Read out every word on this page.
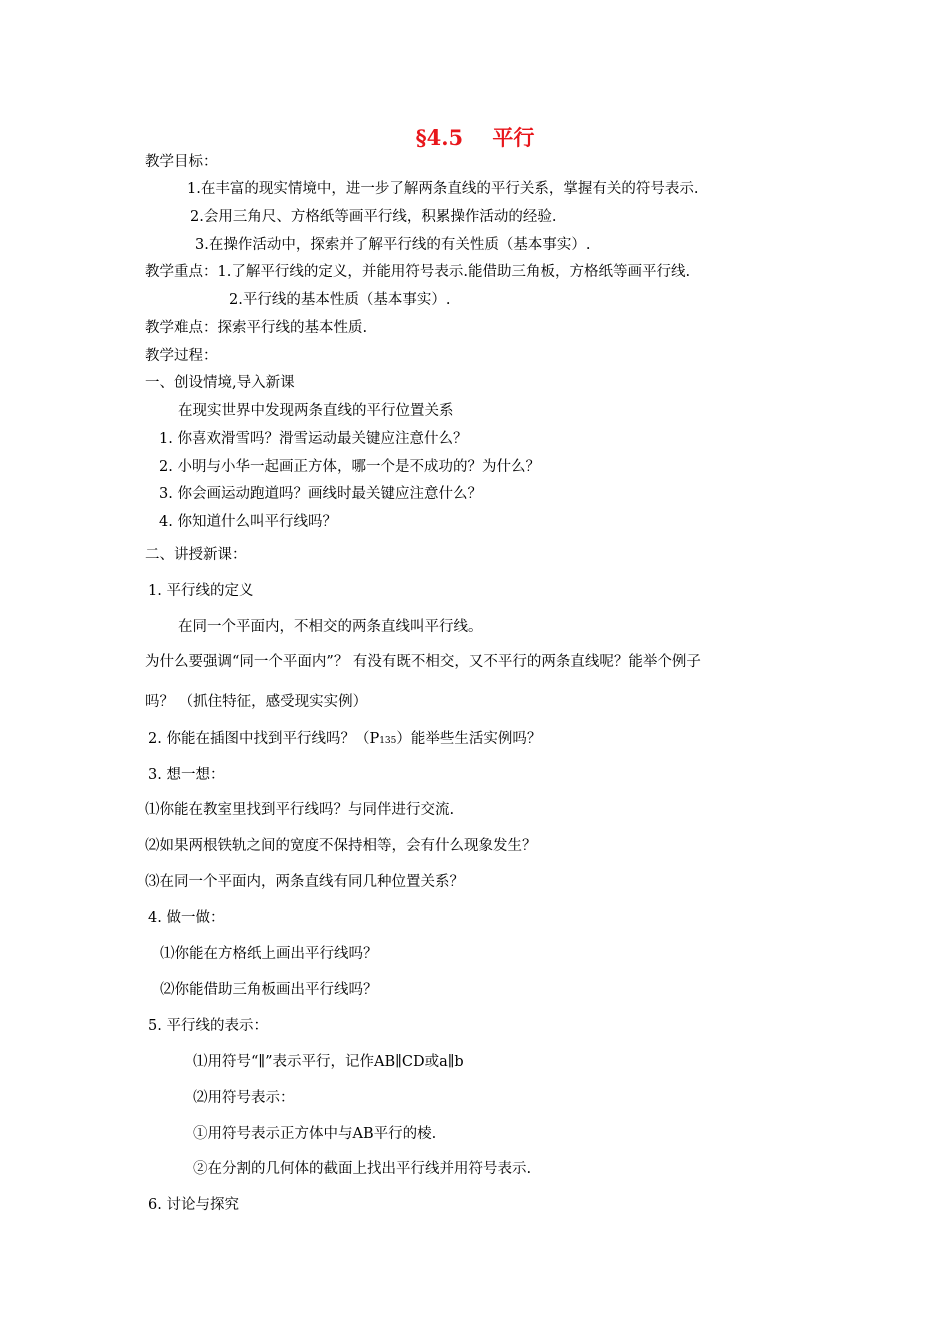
§4.5    平行
教学目标：
1.在丰富的现实情境中，进一步了解两条直线的平行关系，掌握有关的符号表示.
2.会用三角尺、方格纸等画平行线，积累操作活动的经验.
3.在操作活动中，探索并了解平行线的有关性质（基本事实）.
教学重点：1.了解平行线的定义，并能用符号表示.能借助三角板，方格纸等画平行线.
2.平行线的基本性质（基本事实）.
教学难点：探索平行线的基本性质.
教学过程：
一、创设情境,导入新课
在现实世界中发现两条直线的平行位置关系
1. 你喜欢滑雪吗？滑雪运动最关键应注意什么？
2. 小明与小华一起画正方体，哪一个是不成功的？为什么？
3. 你会画运动跑道吗？画线时最关键应注意什么？
4. 你知道什么叫平行线吗？
二、讲授新课：
1. 平行线的定义
在同一个平面内，不相交的两条直线叫平行线。
为什么要强调“同一个平面内”？ 有没有既不相交，又不平行的两条直线呢？能举个例子
吗？ （抓住特征，感受现实实例）
2. 你能在插图中找到平行线吗？（P135）能举些生活实例吗？
3. 想一想：
⑴你能在教室里找到平行线吗？与同伴进行交流.
⑵如果两根铁轨之间的宽度不保持相等，会有什么现象发生？
⑶在同一个平面内，两条直线有同几种位置关系？
4. 做一做：
⑴你能在方格纸上画出平行线吗？
⑵你能借助三角板画出平行线吗？
5. 平行线的表示：
⑴用符号“∥”表示平行，记作AB∥CD或a∥b
⑵用符号表示：
①用符号表示正方体中与AB平行的棱.
②在分割的几何体的截面上找出平行线并用符号表示.
6. 讨论与探究
